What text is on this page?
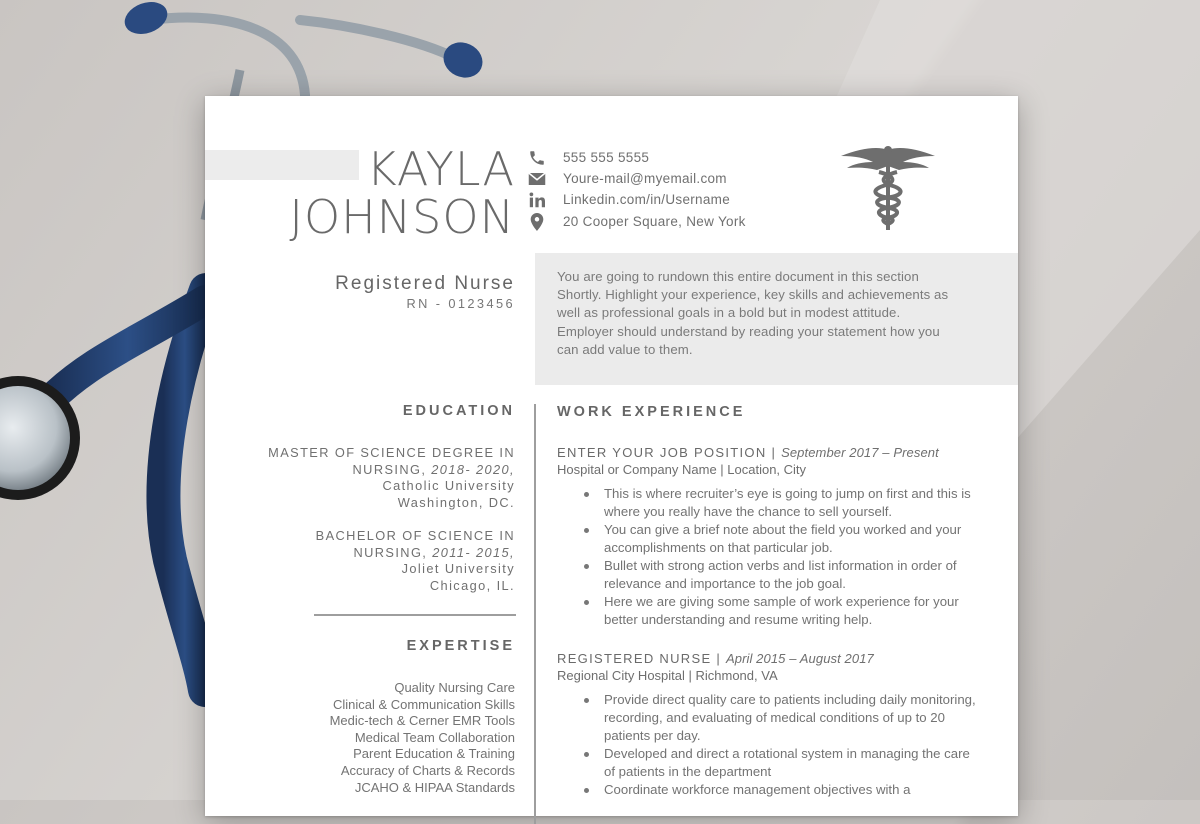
KAYLA
JOHNSON
555 555 5555
Youre-mail@myemail.com
Linkedin.com/in/Username
20 Cooper Square, New York
Registered Nurse
RN - 0123456
You are going to rundown this entire document in this section Shortly. Highlight your experience, key skills and achievements as well as professional goals in a bold but in modest attitude. Employer should understand by reading your statement how you can add value to them.
EDUCATION
MASTER OF SCIENCE DEGREE IN
NURSING, 2018- 2020,
Catholic University
Washington, DC.
BACHELOR OF SCIENCE IN
NURSING, 2011- 2015,
Joliet University
Chicago, IL.
EXPERTISE
Quality Nursing Care
Clinical & Communication Skills
Medic-tech & Cerner EMR Tools
Medical Team Collaboration
Parent Education & Training
Accuracy of Charts & Records
JCAHO & HIPAA Standards
WORK EXPERIENCE
ENTER YOUR JOB POSITION | September 2017 – Present
Hospital or Company Name | Location, City
This is where recruiter’s eye is going to jump on first and this is where you really have the chance to sell yourself.
You can give a brief note about the field you worked and your accomplishments on that particular job.
Bullet with strong action verbs and list information in order of relevance and importance to the job goal.
Here we are giving some sample of work experience for your better understanding and resume writing help.
REGISTERED NURSE | April 2015 – August 2017
Regional City Hospital | Richmond, VA
Provide direct quality care to patients including daily monitoring, recording, and evaluating of medical conditions of up to 20 patients per day.
Developed and direct a rotational system in managing the care of patients in the department
Coordinate workforce management objectives with a
